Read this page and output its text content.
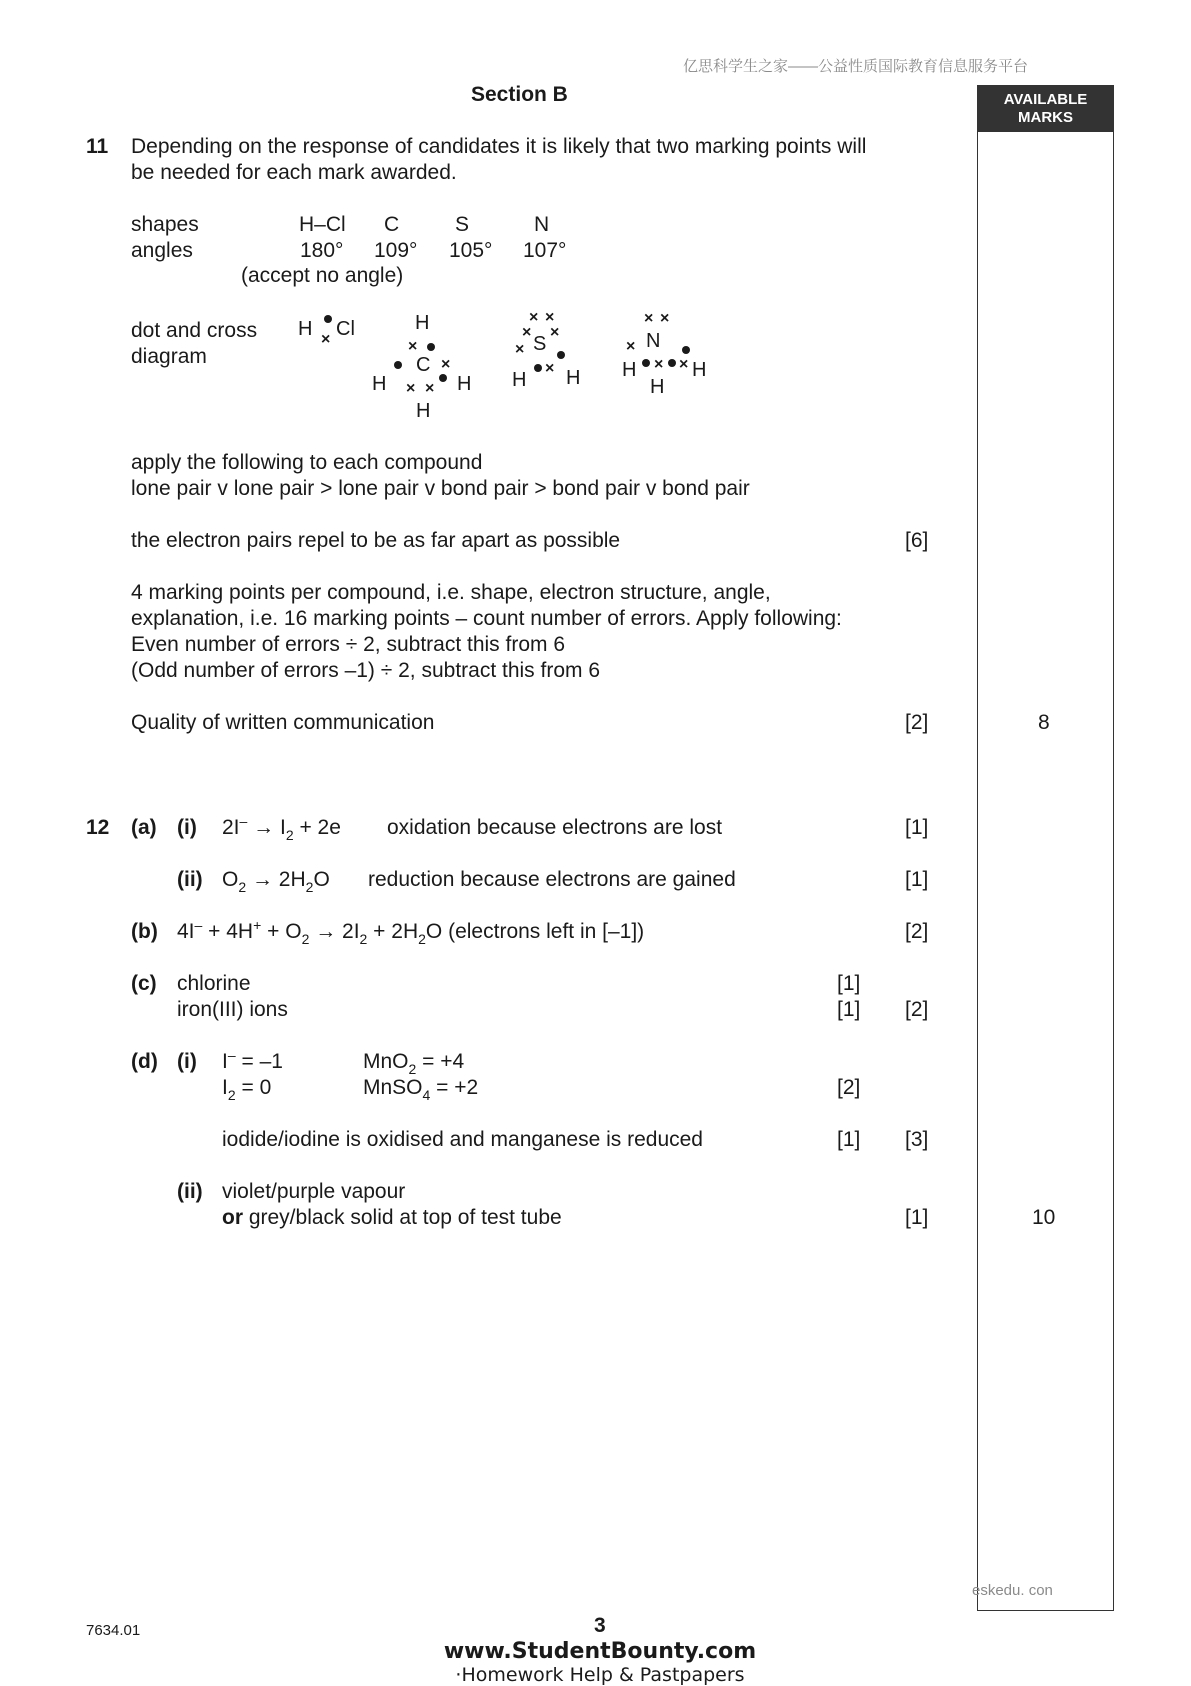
亿思科学生之家——公益性质国际教育信息服务平台
Section B	AVAILABLE
MARKS
11 Depending on the response of candidates it is likely that two marking points will
be needed for each mark awarded.
shapes	H–Cl C	S	N
angles	180° 109° 105° 107°
(accept no angle)
dot and cross
diagram
H × Cl	H
×
C ×
H × × H
H
× ×
× ×
S
×
×
H H
× ×
N
×
H × × H
H
apply the following to each compound
lone pair v lone pair > lone pair v bond pair > bond pair v bond pair
the electron pairs repel to be as far apart as possible	[6]
4 marking points per compound, i.e. shape, electron structure, angle,
explanation, i.e. 16 marking points – count number of errors. Apply following:
Even number of errors ÷ 2, subtract this from 6
(Odd number of errors –1) ÷ 2, subtract this from 6
Quality of written communication	[2]	8
12 (a) (i) $2I^- \to I_2 + 2e$ oxidation because electrons are lost	[1]
(ii) $O_2 \to 2H_2O$ reduction because electrons are gained	[1]
(b) $4I^- + 4H^+ + O_2 \to 2I_2 + 2H_2O$ (electrons left in [–1])	[2]
(c) chlorine	[1]
iron(III) ions	[1] [2]
(d) (i) I– = –1	MnO$_2$ = +4
$I_2 = 0$	MnSO$_4$ = +2	[2]
iodide/iodine is oxidised and manganese is reduced	[1] [3]
(ii) violet/purple vapour
or grey/black solid at top of test tube	[1]	10
eskedu. con
7634.01	3
www.StudentBounty.com
·Homework Help & Pastpapers
